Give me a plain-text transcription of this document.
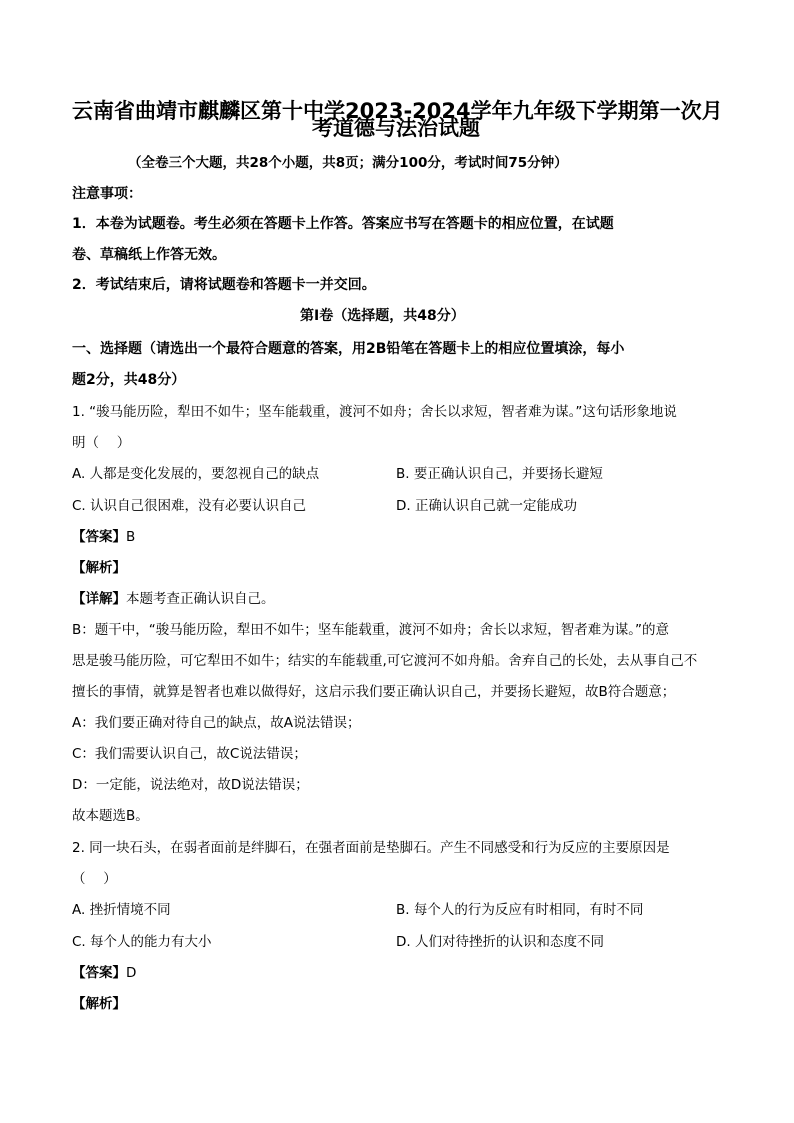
云南省曲靖市麒麟区第十中学2023-2024学年九年级下学期第一次月
考道德与法治试题
（全卷三个大题，共28个小题，共8页；满分100分，考试时间75分钟）
注意事项：
1．本卷为试题卷。考生必须在答题卡上作答。答案应书写在答题卡的相应位置，在试题
卷、草稿纸上作答无效。
2．考试结束后，请将试题卷和答题卡一并交回。
第Ⅰ卷（选择题，共48分）
一、选择题（请选出一个最符合题意的答案，用2B铅笔在答题卡上的相应位置填涂，每小
题2分，共48分）
1. “骏马能历险，犁田不如牛；坚车能载重，渡河不如舟；舍长以求短，智者难为谋。”这句话形象地说
明（　 ）
A. 人都是变化发展的，要忽视自己的缺点	B. 要正确认识自己，并要扬长避短
C. 认识自己很困难，没有必要认识自己	D. 正确认识自己就一定能成功
【答案】B
【解析】
【详解】本题考查正确认识自己。
B：题干中，“骏马能历险，犁田不如牛；坚车能载重，渡河不如舟；舍长以求短，智者难为谋。”的意
思是骏马能历险，可它犁田不如牛；结实的车能载重,可它渡河不如舟船。舍弃自己的长处，去从事自己不
擅长的事情，就算是智者也难以做得好，这启示我们要正确认识自己，并要扬长避短，故B符合题意；
A：我们要正确对待自己的缺点，故A说法错误；
C：我们需要认识自己，故C说法错误；
D：一定能，说法绝对，故D说法错误；
故本题选B。
2. 同一块石头，在弱者面前是绊脚石，在强者面前是垫脚石。产生不同感受和行为反应的主要原因是
（　 ）
A. 挫折情境不同	B. 每个人的行为反应有时相同，有时不同
C. 每个人的能力有大小	D. 人们对待挫折的认识和态度不同
【答案】D
【解析】
